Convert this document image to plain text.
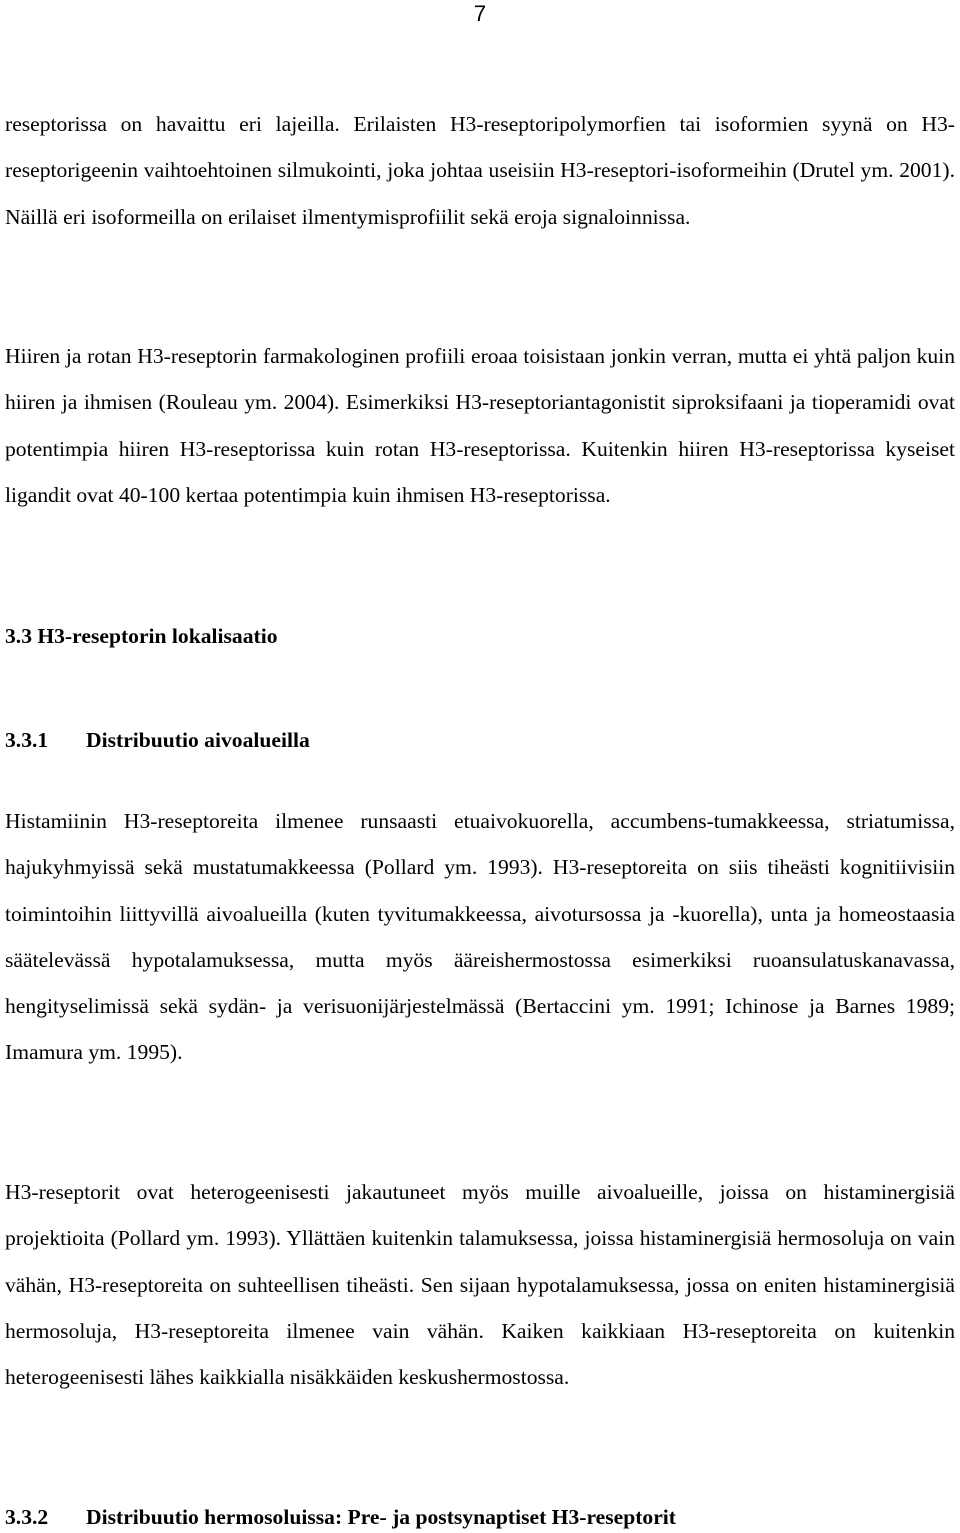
7

reseptorissa on havaittu eri lajeilla. Erilaisten H3-reseptoripolymorfien tai isoformien syynä on H3-reseptorigeenin vaihtoehtoinen silmukointi, joka johtaa useisiin H3-reseptori-isoformeihin (Drutel ym. 2001). Näillä eri isoformeilla on erilaiset ilmentymisprofiilit sekä eroja signaloinnissa.

Hiiren ja rotan H3-reseptorin farmakologinen profiili eroaa toisistaan jonkin verran, mutta ei yhtä paljon kuin hiiren ja ihmisen (Rouleau ym. 2004). Esimerkiksi H3-reseptoriantagonistit siproksifaani ja tioperamidi ovat potentimpia hiiren H3-reseptorissa kuin rotan H3-reseptorissa. Kuitenkin hiiren H3-reseptorissa kyseiset ligandit ovat 40-100 kertaa potentimpia kuin ihmisen H3-reseptorissa.

3.3 H3-reseptorin lokalisaatio
3.3.1 Distribuutio aivoalueilla

Histamiinin H3-reseptoreita ilmenee runsaasti etuaivokuorella, accumbens-tumakkeessa, striatumissa, hajukyhmyissä sekä mustatumakkeessa (Pollard ym. 1993). H3-reseptoreita on siis tiheästi kognitiivisiin toimintoihin liittyvillä aivoalueilla (kuten tyvitumakkeessa, aivotursossa ja -kuorella), unta ja homeostaasia säätelevässä hypotalamuksessa, mutta myös ääreishermostossa esimerkiksi ruoansulatuskanavassa, hengityselimissä sekä sydän- ja verisuonijärjestelmässä (Bertaccini ym. 1991; Ichinose ja Barnes 1989; Imamura ym. 1995).

H3-reseptorit ovat heterogeenisesti jakautuneet myös muille aivoalueille, joissa on histaminergisiä projektioita (Pollard ym. 1993). Yllättäen kuitenkin talamuksessa, joissa histaminergisiä hermosoluja on vain vähän, H3-reseptoreita on suhteellisen tiheästi. Sen sijaan hypotalamuksessa, jossa on eniten histaminergisiä hermosoluja, H3-reseptoreita ilmenee vain vähän. Kaiken kaikkiaan H3-reseptoreita on kuitenkin heterogeenisesti lähes kaikkialla nisäkkäiden keskushermostossa.

3.3.2 Distribuutio hermosoluissa: Pre- ja postsynaptiset H3-reseptorit
